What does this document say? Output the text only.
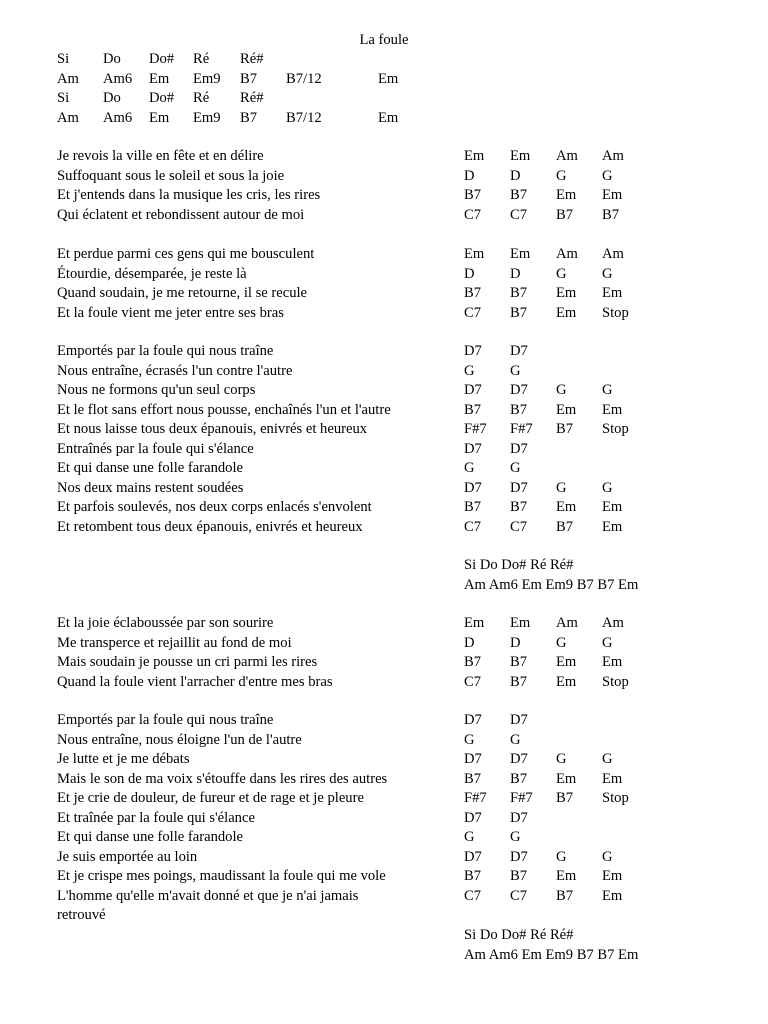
La foule
Si Do Do# Ré Ré#
Am Am6 Em Em9 B7 B7/12	Em
Si Do Do# Ré Ré#
Am Am6 Em Em9 B7 B7/12	Em
Je revois la ville en fête et en délire	Em Em Am Am
Suffoquant sous le soleil et sous la joie	D D G G
Et j'entends dans la musique les cris, les rires	B7 B7 Em Em
Qui éclatent et rebondissent autour de moi	C7 C7 B7 B7
Et perdue parmi ces gens qui me bousculent	Em Em Am Am
Étourdie, désemparée, je reste là	D D G G
Quand soudain, je me retourne, il se recule	B7 B7 Em Em
Et la foule vient me jeter entre ses bras	C7 B7 Em Stop
Emportés par la foule qui nous traîne	D7 D7
Nous entraîne, écrasés l'un contre l'autre	G G
Nous ne formons qu'un seul corps	D7 D7 G G
Et le flot sans effort nous pousse, enchaînés l'un et l'autre	B7 B7 Em Em
Et nous laisse tous deux épanouis, enivrés et heureux	F#7 F#7 B7 Stop
Entraînés par la foule qui s'élance	D7 D7
Et qui danse une folle farandole	G G
Nos deux mains restent soudées	D7 D7 G G
Et parfois soulevés, nos deux corps enlacés s'envolent	B7 B7 Em Em
Et retombent tous deux épanouis, enivrés et heureux	C7 C7 B7 Em
Si Do Do# Ré Ré#
Am Am6 Em Em9 B7 B7 Em
Et la joie éclaboussée par son sourire	Em Em Am Am
Me transperce et rejaillit au fond de moi	D D G G
Mais soudain je pousse un cri parmi les rires	B7 B7 Em Em
Quand la foule vient l'arracher d'entre mes bras	C7 B7 Em Stop
Emportés par la foule qui nous traîne	D7 D7
Nous entraîne, nous éloigne l'un de l'autre	G G
Je lutte et je me débats	D7 D7 G G
Mais le son de ma voix s'étouffe dans les rires des autres	B7 B7 Em Em
Et je crie de douleur, de fureur et de rage et je pleure	F#7 F#7 B7 Stop
Et traînée par la foule qui s'élance	D7 D7
Et qui danse une folle farandole	G G
Je suis emportée au loin	D7 D7 G G
Et je crispe mes poings, maudissant la foule qui me vole	B7 B7 Em Em
L'homme qu'elle m'avait donné et que je n'ai jamais	C7 C7 B7 Em
retrouvé
Si Do Do# Ré Ré#
Am Am6 Em Em9 B7 B7 Em
